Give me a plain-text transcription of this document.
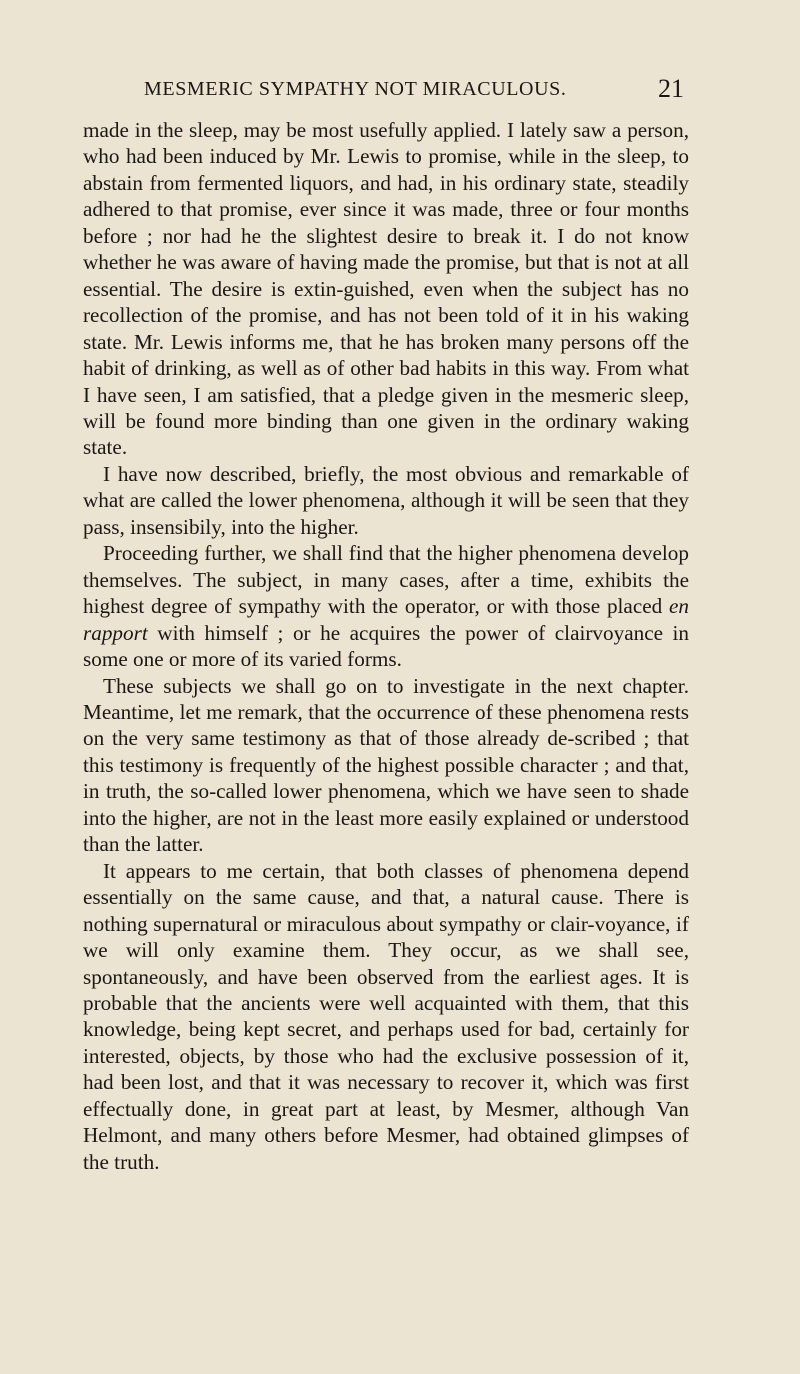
MESMERIC SYMPATHY NOT MIRACULOUS.	21

made in the sleep, may be most usefully applied. I lately saw a person, who had been induced by Mr. Lewis to promise, while in the sleep, to abstain from fermented liquors, and had, in his ordinary state, steadily adhered to that promise, ever since it was made, three or four months before ; nor had he the slightest desire to break it. I do not know whether he was aware of having made the promise, but that is not at all essential. The desire is extin-guished, even when the subject has no recollection of the promise, and has not been told of it in his waking state. Mr. Lewis informs me, that he has broken many persons off the habit of drinking, as well as of other bad habits in this way. From what I have seen, I am satisfied, that a pledge given in the mesmeric sleep, will be found more binding than one given in the ordinary waking state.

I have now described, briefly, the most obvious and remarkable of what are called the lower phenomena, although it will be seen that they pass, insensibily, into the higher.

Proceeding further, we shall find that the higher phenomena develop themselves. The subject, in many cases, after a time, exhibits the highest degree of sympathy with the operator, or with those placed en rapport with himself ; or he acquires the power of clairvoyance in some one or more of its varied forms.

These subjects we shall go on to investigate in the next chapter. Meantime, let me remark, that the occurrence of these phenomena rests on the very same testimony as that of those already de-scribed ; that this testimony is frequently of the highest possible character ; and that, in truth, the so-called lower phenomena, which we have seen to shade into the higher, are not in the least more easily explained or understood than the latter.

It appears to me certain, that both classes of phenomena depend essentially on the same cause, and that, a natural cause. There is nothing supernatural or miraculous about sympathy or clair-voyance, if we will only examine them. They occur, as we shall see, spontaneously, and have been observed from the earliest ages. It is probable that the ancients were well acquainted with them, that this knowledge, being kept secret, and perhaps used for bad, certainly for interested, objects, by those who had the exclusive possession of it, had been lost, and that it was necessary to recover it, which was first effectually done, in great part at least, by Mesmer, although Van Helmont, and many others before Mesmer, had obtained glimpses of the truth.
